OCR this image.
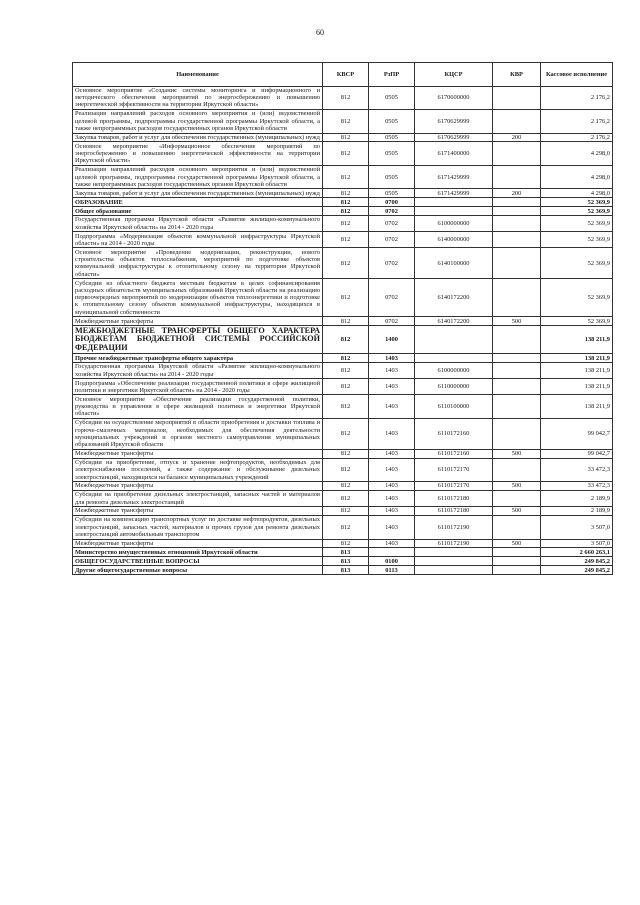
60
Наименование	КВСР	РзПР	КЦСР	КВР	Кассовое исполнение
Основное мероприятие «Создание системы мониторинга и информационного и методического обеспечения мероприятий по энергосбережению и повышению энергетической эффективности на территории Иркутской области»	812	0505	6170600000		2 176,2
Реализация направлений расходов основного мероприятия и (или) ведомственной целевой программы, подпрограммы государственной программы Иркутской области, а также непрограммных расходов государственных органов Иркутской области	812	0505	6170629999		2 176,2
Закупка товаров, работ и услуг для обеспечения государственных (муниципальных) нужд	812	0505	6170629999	200	2 176,2
Основное мероприятие «Информационное обеспечение мероприятий по энергосбережению и повышению энергетической эффективности на территории Иркутской области»	812	0505	6171400000		4 298,0
Реализация направлений расходов основного мероприятия и (или) ведомственной целевой программы, подпрограммы государственной программы Иркутской области, а также непрограммных расходов государственных органов Иркутской области	812	0505	6171429999		4 298,0
Закупка товаров, работ и услуг для обеспечения государственных (муниципальных) нужд	812	0505	6171429999	200	4 298,0
ОБРАЗОВАНИЕ	812	0700			52 369,9
Общее образование	812	0702			52 369,9
Государственная программа Иркутской области «Развитие жилищно-коммунального хозяйства Иркутской области» на 2014 - 2020 годы	812	0702	6100000000		52 369,9
Подпрограмма «Модернизация объектов коммунальной инфраструктуры Иркутской области» на 2014 - 2020 годы	812	0702	6140000000		52 369,9
Основное мероприятие «Проведение модернизации, реконструкции, нового строительства объектов теплоснабжения, мероприятий по подготовке объектов коммунальной инфраструктуры к отопительному сезону на территории Иркутской области»	812	0702	6140100000		52 369,9
Субсидии из областного бюджета местным бюджетам в целях софинансирования расходных обязательств муниципальных образований Иркутской области на реализацию первоочередных мероприятий по модернизации объектов теплоэнергетики и подготовке к отопительному сезону объектов коммунальной инфраструктуры, находящихся в муниципальной собственности	812	0702	6140172200		52 369,9
Межбюджетные трансферты	812	0702	6140172200	500	52 369,9
МЕЖБЮДЖЕТНЫЕ ТРАНСФЕРТЫ ОБЩЕГО ХАРАКТЕРА БЮДЖЕТАМ БЮДЖЕТНОЙ СИСТЕМЫ РОССИЙСКОЙ ФЕДЕРАЦИИ	812	1400			138 211,9
Прочие межбюджетные трансферты общего характера	812	1403			138 211,9
Государственная программа Иркутской области «Развитие жилищно-коммунального хозяйства Иркутской области» на 2014 - 2020 годы	812	1403	6100000000		138 211,9
Подпрограмма «Обеспечение реализации государственной политики в сфере жилищной политики и энергетики Иркутской области» на 2014 - 2020 годы	812	1403	6110000000		138 211,9
Основное мероприятие «Обеспечение реализации государственной политики, руководства и управления в сфере жилищной политики и энергетики Иркутской области»	812	1403	6110100000		138 211,9
Субсидии на осуществление мероприятий в области приобретения и доставки топлива и горюче-смазочных материалов, необходимых для обеспечения деятельности муниципальных учреждений и органов местного самоуправления муниципальных образований Иркутской области	812	1403	6110172160		99 042,7
Межбюджетные трансферты	812	1403	6110172160	500	99 042,7
Субсидии на приобретение, отпуск и хранение нефтепродуктов, необходимых для электроснабжения поселений, а также содержание и обслуживание дизельных электростанций, находящихся на балансе муниципальных учреждений	812	1403	6110172170		33 472,3
Межбюджетные трансферты	812	1403	6110172170	500	33 472,3
Субсидии на приобретение дизельных электростанций, запасных частей и материалов для ремонта дизельных электростанций	812	1403	6110172180		2 189,9
Межбюджетные трансферты	812	1403	6110172180	500	2 189,9
Субсидии на компенсацию транспортных услуг по доставке нефтепродуктов, дизельных электростанций, запасных частей, материалов и прочих грузов для ремонта дизельных электростанций автомобильным транспортом	812	1403	6110172190		3 507,0
Межбюджетные трансферты	812	1403	6110172190	500	3 507,0
Министерство имущественных отношений Иркутской области	813				2 660 263,1
ОБЩЕГОСУДАРСТВЕННЫЕ ВОПРОСЫ	813	0100			249 845,2
Другие общегосударственные вопросы	813	0113			249 845,2
